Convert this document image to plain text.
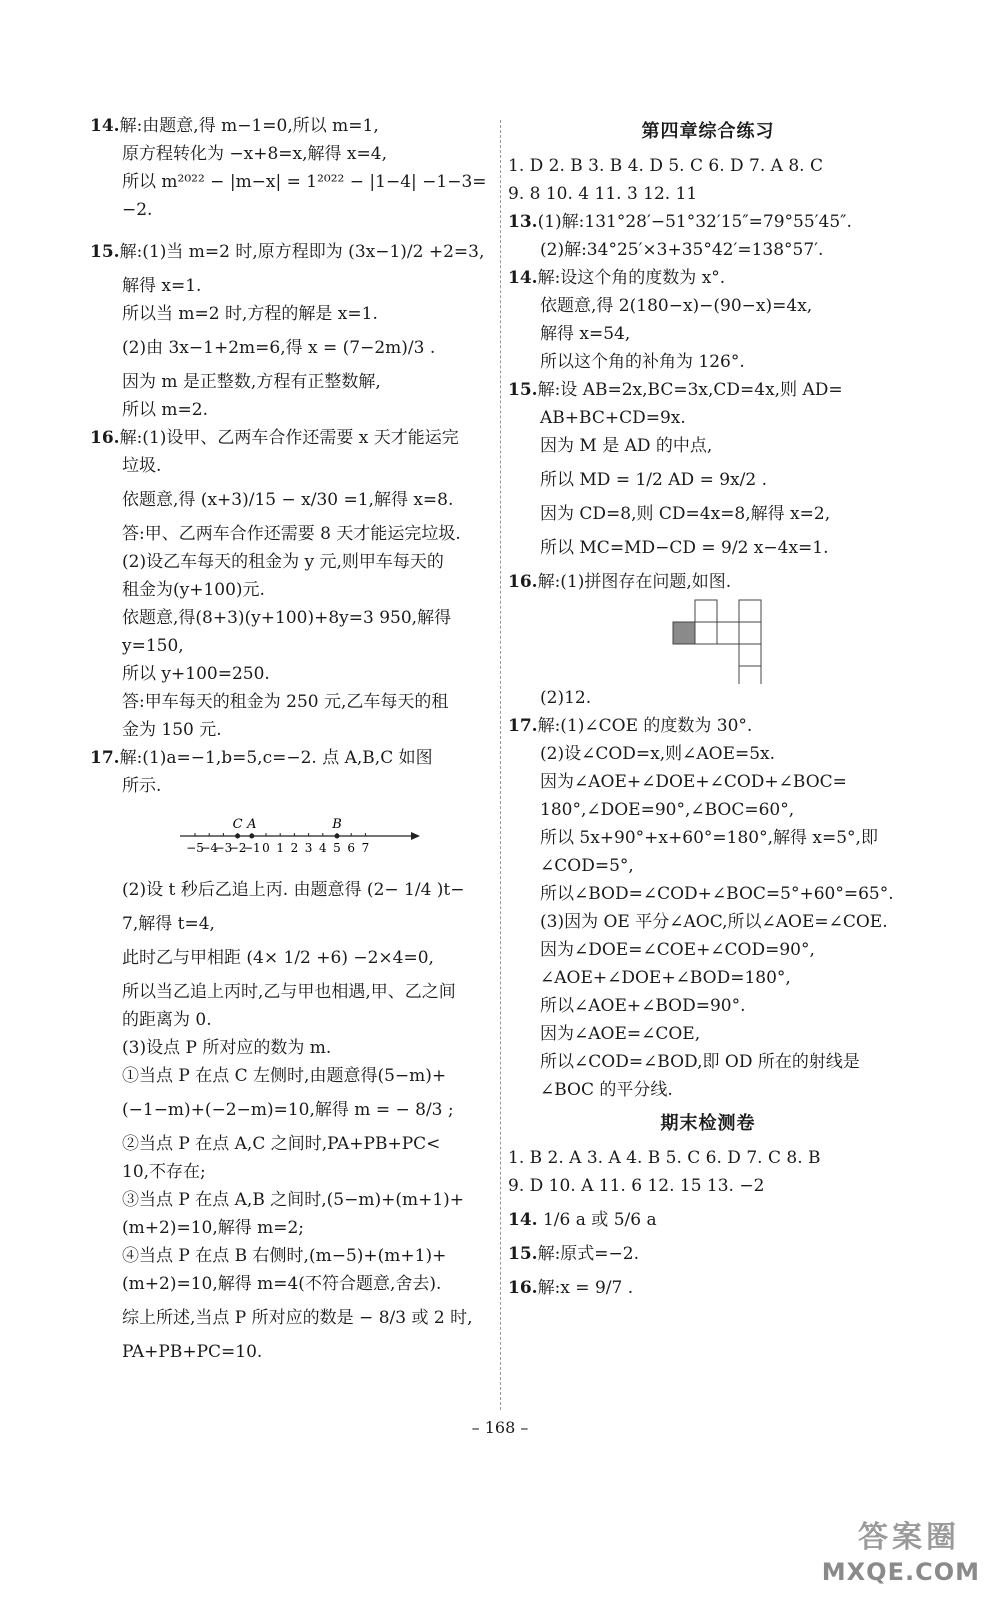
14.解:由题意,得 m−1=0,所以 m=1,
原方程转化为 −x+8=x,解得 x=4,
所以 m²⁰²² − |m−x| = 1²⁰²² − |1−4| −1−3=
−2.
15.解:(1)当 m=2 时,原方程即为 (3x−1)/2 +2=3,
解得 x=1.
所以当 m=2 时,方程的解是 x=1.
(2)由 3x−1+2m=6,得 x = (7−2m)/3 .
因为 m 是正整数,方程有正整数解,
所以 m=2.
16.解:(1)设甲、乙两车合作还需要 x 天才能运完
垃圾.
依题意,得 (x+3)/15 − x/30 =1,解得 x=8.
答:甲、乙两车合作还需要 8 天才能运完垃圾.
(2)设乙车每天的租金为 y 元,则甲车每天的
租金为(y+100)元.
依题意,得(8+3)(y+100)+8y=3 950,解得
y=150,
所以 y+100=250.
答:甲车每天的租金为 250 元,乙车每天的租
金为 150 元.
17.解:(1)a=−1,b=5,c=−2. 点 A,B,C 如图
所示.
−5
−4
−3
−2
−1 0 1 2 3 4 5 6 7
C A	B
(2)设 t 秒后乙追上丙. 由题意得 (2− 1/4 )t−
7,解得 t=4,
此时乙与甲相距 (4× 1/2 +6) −2×4=0,
所以当乙追上丙时,乙与甲也相遇,甲、乙之间
的距离为 0.
(3)设点 P 所对应的数为 m.
①当点 P 在点 C 左侧时,由题意得(5−m)+
(−1−m)+(−2−m)=10,解得 m = − 8/3 ;
②当点 P 在点 A,C 之间时,PA+PB+PC<
10,不存在;
③当点 P 在点 A,B 之间时,(5−m)+(m+1)+
(m+2)=10,解得 m=2;
④当点 P 在点 B 右侧时,(m−5)+(m+1)+
(m+2)=10,解得 m=4(不符合题意,舍去).
综上所述,当点 P 所对应的数是 − 8/3 或 2 时,
PA+PB+PC=10.
第四章综合练习
1. D 2. B 3. B 4. D 5. C 6. D 7. A 8. C
9. 8 10. 4 11. 3 12. 11
13.(1)解:131°28′−51°32′15″=79°55′45″.
(2)解:34°25′×3+35°42′=138°57′.
14.解:设这个角的度数为 x°.
依题意,得 2(180−x)−(90−x)=4x,
解得 x=54,
所以这个角的补角为 126°.
15.解:设 AB=2x,BC=3x,CD=4x,则 AD=
AB+BC+CD=9x.
因为 M 是 AD 的中点,
所以 MD = 1/2 AD = 9x/2 .
因为 CD=8,则 CD=4x=8,解得 x=2,
所以 MC=MD−CD = 9/2 x−4x=1.
16.解:(1)拼图存在问题,如图.
(2)12.
17.解:(1)∠COE 的度数为 30°.
(2)设∠COD=x,则∠AOE=5x.
因为∠AOE+∠DOE+∠COD+∠BOC=
180°,∠DOE=90°,∠BOC=60°,
所以 5x+90°+x+60°=180°,解得 x=5°,即
∠COD=5°,
所以∠BOD=∠COD+∠BOC=5°+60°=65°.
(3)因为 OE 平分∠AOC,所以∠AOE=∠COE.
因为∠DOE=∠COE+∠COD=90°,
∠AOE+∠DOE+∠BOD=180°,
所以∠AOE+∠BOD=90°.
因为∠AOE=∠COE,
所以∠COD=∠BOD,即 OD 所在的射线是
∠BOC 的平分线.
期末检测卷
1. B 2. A 3. A 4. B 5. C 6. D 7. C 8. B
9. D 10. A 11. 6 12. 15 13. −2
14. 1/6 a 或 5/6 a
15.解:原式=−2.
16.解:x = 9/7 .
– 168 –
答案圈
MXQE.COM
